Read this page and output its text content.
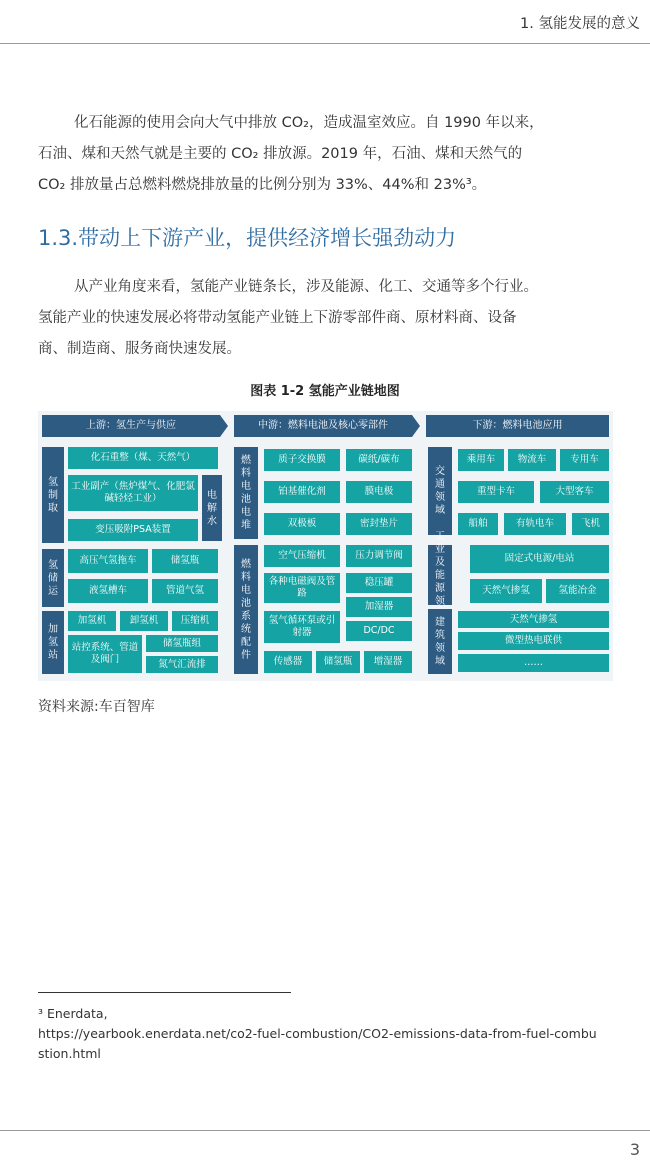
1. 氢能发展的意义
化石能源的使用会向大气中排放 CO₂，造成温室效应。自 1990 年以来，
石油、煤和天然气就是主要的 CO₂ 排放源。2019 年，石油、煤和天然气的
CO₂ 排放量占总燃料燃烧排放量的比例分别为 33%、44%和 23%³。
1.3.带动上下游产业，提供经济增长强劲动力
从产业角度来看，氢能产业链条长，涉及能源、化工、交通等多个行业。
氢能产业的快速发展必将带动氢能产业链上下游零部件商、原材料商、设备
商、制造商、服务商快速发展。
图表 1-2 氢能产业链地图
上游：氢生产与供应	中游：燃料电池及核心零部件	下游：燃料电池应用
氢制取
氢储运
加氢站
电解水
化石重整（煤、天然气）
工业副产（焦炉煤气、化肥氯碱轻烃工业）
变压吸附PSA装置
高压气氢拖车	储氢瓶
液氢槽车	管道气氢
加氢机	卸氢机	压缩机
站控系统、管道及阀门
储氢瓶组
氮气汇流排
燃料电池电堆
燃料电池系统配件
质子交换膜	碳纸/碳布
铂基催化剂	膜电极
双极板	密封垫片
空气压缩机	压力调节阀
各种电磁阀及管路
稳压罐
加湿器
氢气循环泵或引射器	DC/DC
传感器	储氢瓶	增湿器
交通领域
工业及能源领
建筑领域
乘用车	物流车	专用车
重型卡车	大型客车
船舶	有轨电车	飞机
固定式电源/电站
天然气掺氢	氢能冶金
天然气掺氢
微型热电联供
……
资料来源:车百智库
³ Enerdata,
https://yearbook.enerdata.net/co2-fuel-combustion/CO2-emissions-data-from-fuel-combu
stion.html
3
